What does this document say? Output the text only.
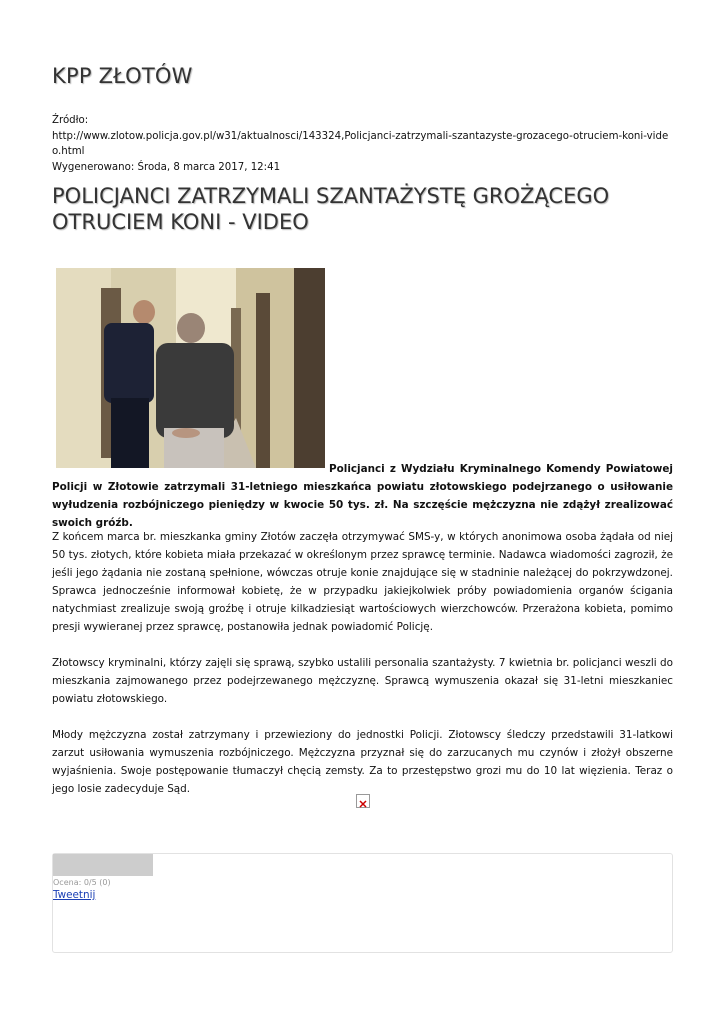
KPP ZŁOTÓW
Źródło:
http://www.zlotow.policja.gov.pl/w31/aktualnosci/143324,Policjanci-zatrzymali-szantazyste-grozacego-otruciem-koni-video.html
Wygenerowano: Środa, 8 marca 2017, 12:41
POLICJANCI ZATRZYMALI SZANTAŻYSTĘ GROŻĄCEGO OTRUCIEM KONI - VIDEO

Policjanci z Wydziału Kryminalnego Komendy Powiatowej Policji w Złotowie zatrzymali 31-letniego mieszkańca powiatu złotowskiego podejrzanego o usiłowanie wyłudzenia rozbójniczego pieniędzy w kwocie 50 tys. zł. Na szczęście mężczyzna nie zdążył zrealizować swoich gróźb.

Z końcem marca br. mieszkanka gminy Złotów zaczęła otrzymywać SMS-y, w których anonimowa osoba żądała od niej 50 tys. złotych, które kobieta miała przekazać w określonym przez sprawcę terminie. Nadawca wiadomości zagroził, że jeśli jego żądania nie zostaną spełnione, wówczas otruje konie znajdujące się w stadninie należącej do pokrzywdzonej. Sprawca jednocześnie informował kobietę, że w przypadku jakiejkolwiek próby powiadomienia organów ścigania natychmiast zrealizuje swoją groźbę i otruje kilkadziesiąt wartościowych wierzchowców. Przerażona kobieta, pomimo presji wywieranej przez sprawcę, postanowiła jednak powiadomić Policję.

Złotowscy kryminalni, którzy zajęli się sprawą, szybko ustalili personalia szantażysty. 7 kwietnia br. policjanci weszli do mieszkania zajmowanego przez podejrzewanego mężczyznę. Sprawcą wymuszenia okazał się 31-letni mieszkaniec powiatu złotowskiego.

Młody mężczyzna został zatrzymany i przewieziony do jednostki Policji. Złotowscy śledczy przedstawili 31-latkowi zarzut usiłowania wymuszenia rozbójniczego. Mężczyzna przyznał się do zarzucanych mu czynów i złożył obszerne wyjaśnienia. Swoje postępowanie tłumaczył chęcią zemsty. Za to przestępstwo grozi mu do 10 lat więzienia. Teraz o jego losie zadecyduje Sąd.

Ocena: 0/5 (0)
Tweetnij
